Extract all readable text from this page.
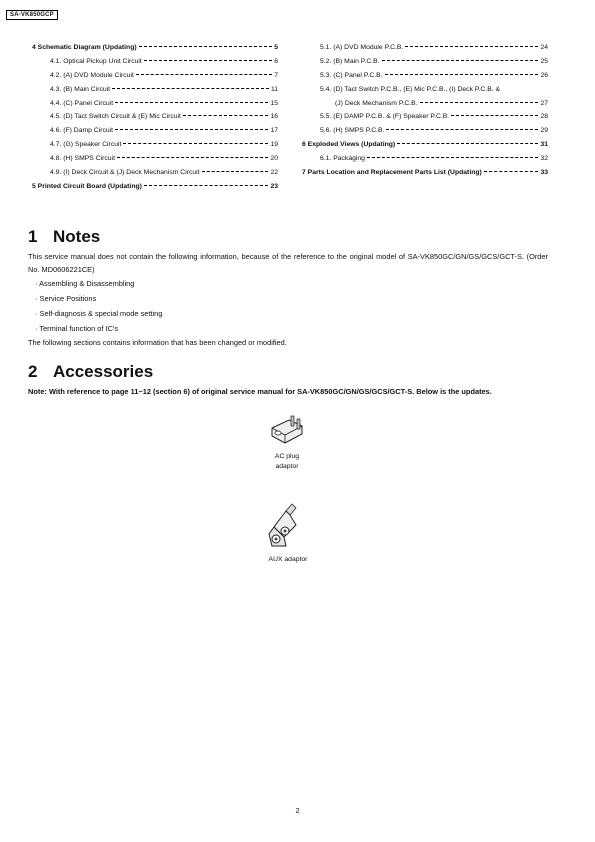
SA-VK850GCP
4 Schematic Diagram (Updating)	5
4.1. Optical Pickup Unit Circuit	6
4.2. (A) DVD Module Circuit	7
4.3. (B) Main Circuit	11
4.4. (C) Panel Circuit	15
4.5. (D) Tact Switch Circuit & (E) Mic Circuit	16
4.6. (F) Damp Circuit	17
4.7. (G) Speaker Circuit	19
4.8. (H) SMPS Circuit	20
4.9. (I) Deck Circuit & (J) Deck Mechanism Circuit	22
5 Printed Circuit Board (Updating)	23
5.1. (A) DVD Module P.C.B.	24
5.2. (B) Main P.C.B.	25
5.3. (C) Panel P.C.B.	26
5.4. (D) Tact Switch P.C.B., (E) Mic P.C.B., (I) Deck P.C.B. &
(J) Deck Mechanism P.C.B.	27
5.5. (E) DAMP P.C.B. & (F) Speaker P.C.B.	28
5.6. (H) SMPS P.C.B.	29
6 Exploded Views (Updating)	31
6.1. Packaging	32
7 Parts Location and Replacement Parts List (Updating)	33
1 Notes
This service manual does not contain the following information, because of the reference to the original model of SA-VK850GC/GN/GS/GCS/GCT-S. (Order No. MD0606221CE)
· Assembling & Disassembling
· Service Positions
· Self-diagnosis & special mode setting
· Terminal function of IC's
The following sections contains information that has been changed or modified.
2 Accessories
Note: With reference to page 11~12 (section 6) of original service manual for SA-VK850GC/GN/GS/GCS/GCT-S. Below is the updates.
AC plug
adaptor
AUX adaptor
2
